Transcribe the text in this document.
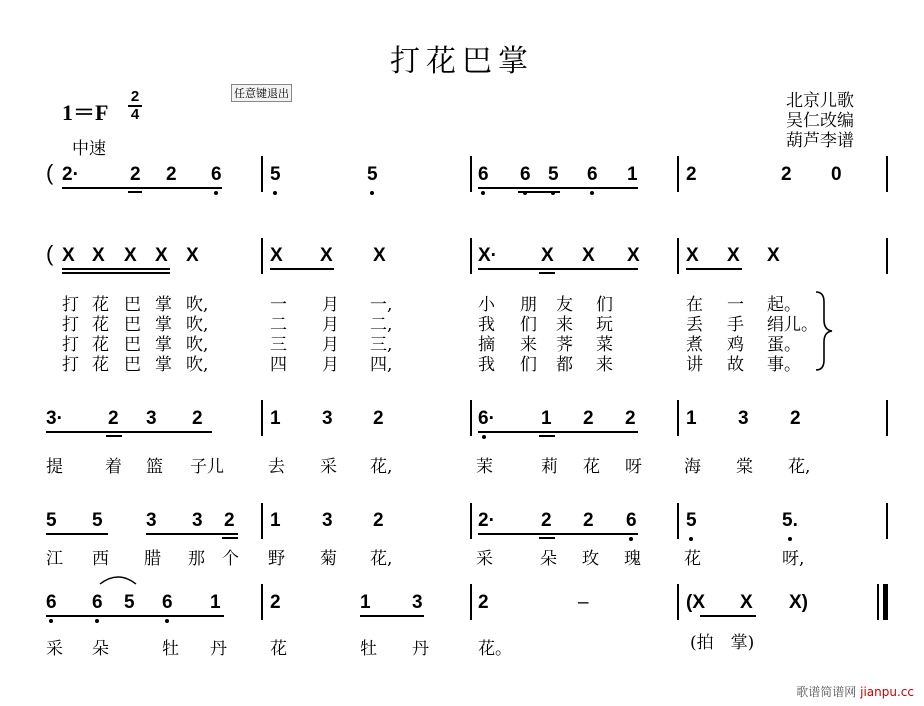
打花巴掌
1＝F
2
4
中速
任意键退出	北京儿歌
吴仁改编
葫芦李谱
( 2·	2 2 6	5	5	6 6 5 6 1	2	2 0
( X X X X X	X X X	X· X X X X X X
打 花 巴 掌 吹,	一 月 一,	小 朋 友 们	在 一 起。
打 花 巴 掌 吹,	二 月 二,	我 们 来 玩	丢 手 绢儿。
打 花 巴 掌 吹,	三 月 三,	摘 来 荠 菜	煮 鸡 蛋。
打 花 巴 掌 吹,	四 月 四,	我 们 都 来	讲 故 事。
3· 2 3 2	1 3 2	1 2 2	1 3 2
6·
提 着 篮 子儿	去 采 花,	茉	莉 花 呀 海 棠 花,
5 5 3 3 2 1 3 2	2· 2 2 6	5	5.
江 西 腊 那 个 野 菊 花,	采	朵 玫 瑰	花	呀,
6 6 5 6 1	2	1 3	2	–	(X X X)
采 朵	牡 丹	花	牡 丹	花。	(拍　掌)
歌谱简谱网 jianpu.cc
